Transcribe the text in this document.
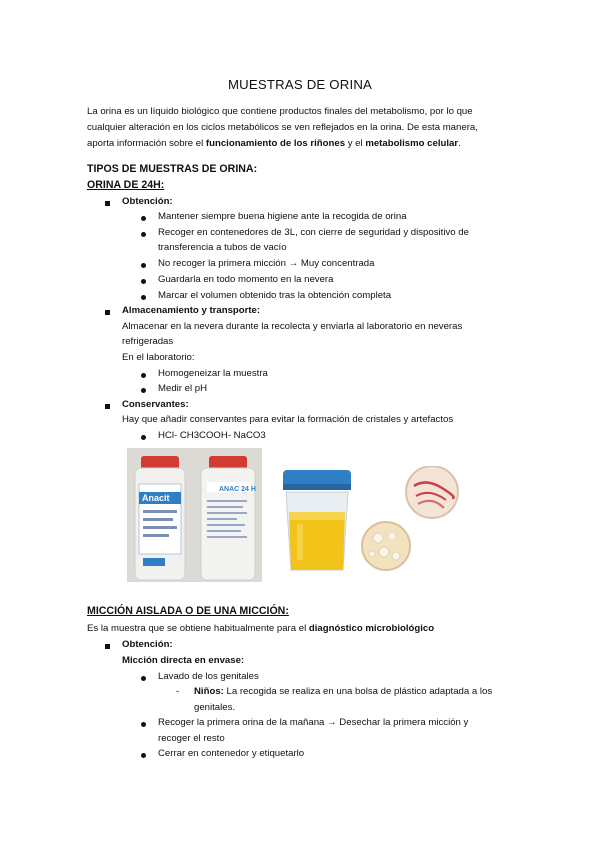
MUESTRAS DE ORINA
La orina es un líquido biológico que contiene productos finales del metabolismo, por lo que
cualquier alteración en los ciclos metabólicos se ven reflejados en la orina. De esta manera,
aporta información sobre el funcionamiento de los riñones y el metabolismo celular.
TIPOS DE MUESTRAS DE ORINA:
ORINA DE 24H:
Obtención:
Mantener siempre buena higiene ante la recogida de orina
Recoger en contenedores de 3L, con cierre de seguridad y dispositivo de
transferencia a tubos de vacío
No recoger la primera micción → Muy concentrada
Guardarla en todo momento en la nevera
Marcar el volumen obtenido tras la obtención completa
Almacenamiento y transporte:
Almacenar en la nevera durante la recolecta y enviarla al laboratorio en neveras
refrigeradas
En el laboratorio:
Homogeneizar la muestra
Medir el pH
Conservantes:
Hay que añadir conservantes para evitar la formación de cristales y artefactos
HCl- CH3COOH- NaCO3
Anacit
ANAC 24 H
MICCIÓN AISLADA O DE UNA MICCIÓN:
Es la muestra que se obtiene habitualmente para el diagnóstico microbiológico
Obtención:
Micción directa en envase:
Lavado de los genitales
- Niños: La recogida se realiza en una bolsa de plástico adaptada a los
genitales.
Recoger la primera orina de la mañana → Desechar la primera micción y
recoger el resto
Cerrar en contenedor y etiquetarlo
